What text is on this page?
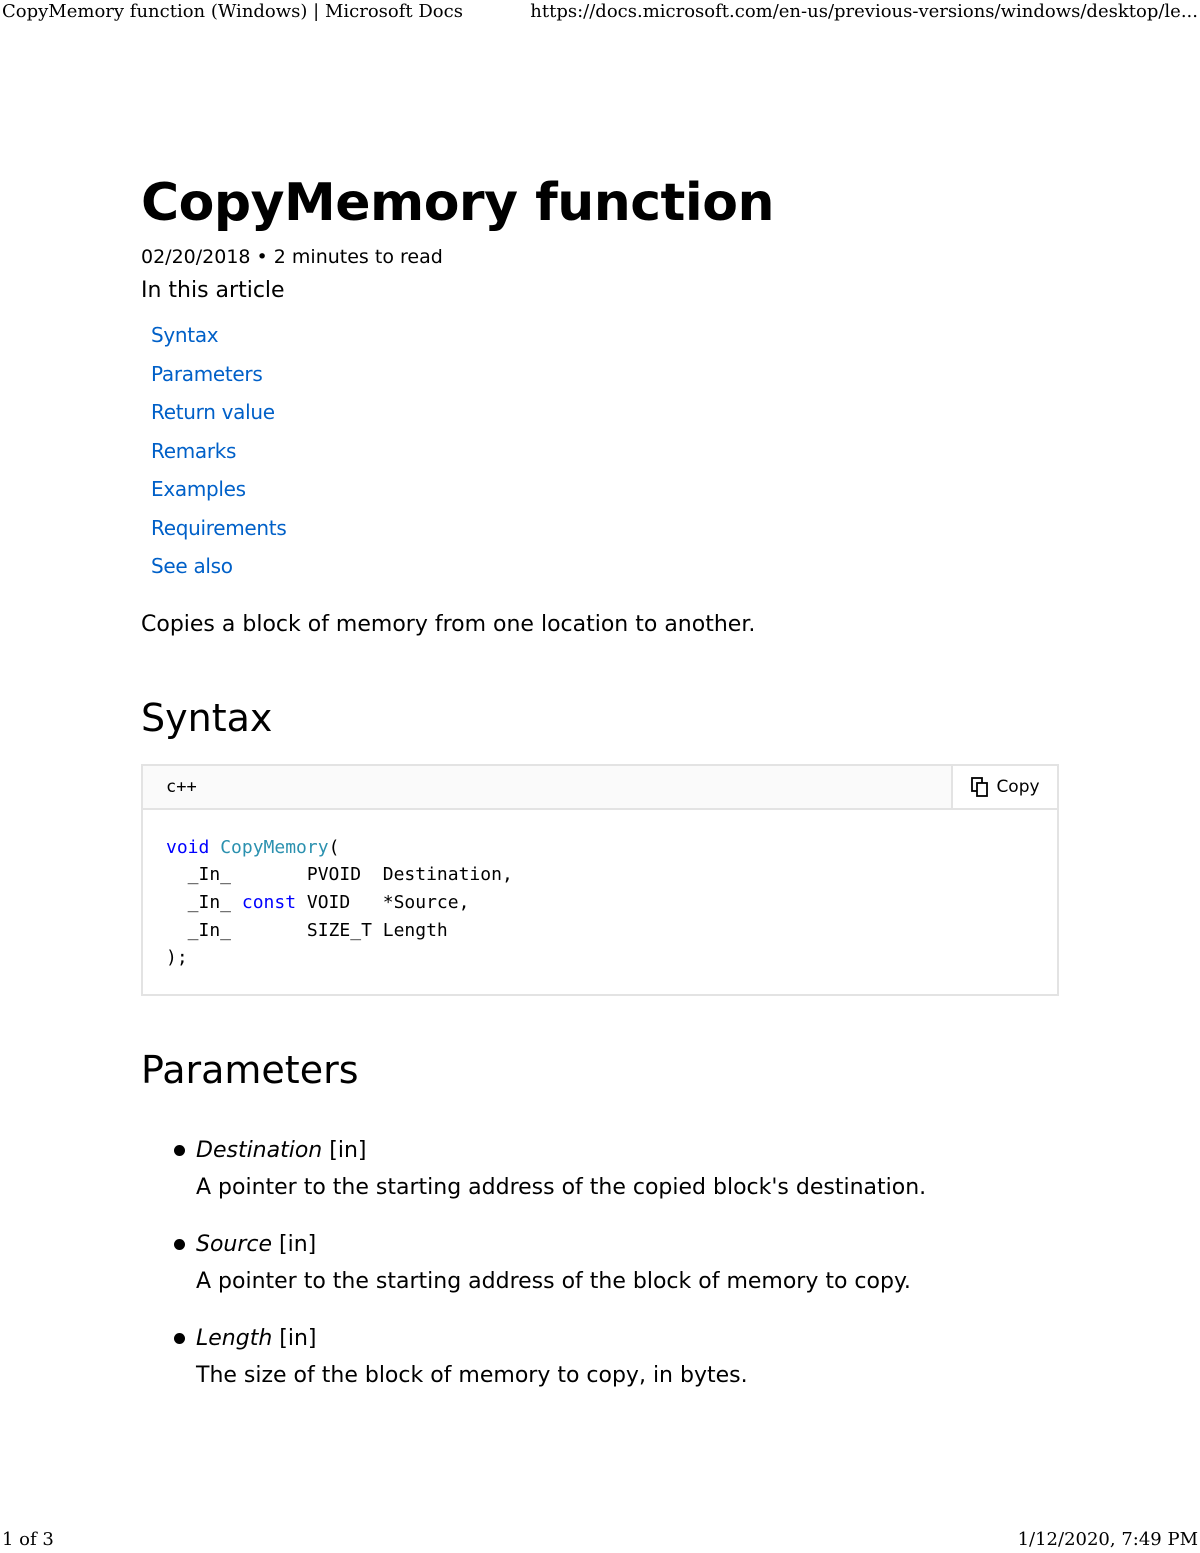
CopyMemory function (Windows) | Microsoft Docs	https://docs.microsoft.com/en-us/previous-versions/windows/desktop/le...
CopyMemory function
02/20/2018 • 2 minutes to read
In this article
Syntax
Parameters
Return value
Remarks
Examples
Requirements
See also
Copies a block of memory from one location to another.
Syntax
c++	Copy
void CopyMemory(
_In_       PVOID  Destination,
_In_ const VOID   *Source,
_In_       SIZE_T Length
);
Parameters
Destination [in]
A pointer to the starting address of the copied block's destination.
Source [in]
A pointer to the starting address of the block of memory to copy.
Length [in]
The size of the block of memory to copy, in bytes.
1 of 3	1/12/2020, 7:49 PM
